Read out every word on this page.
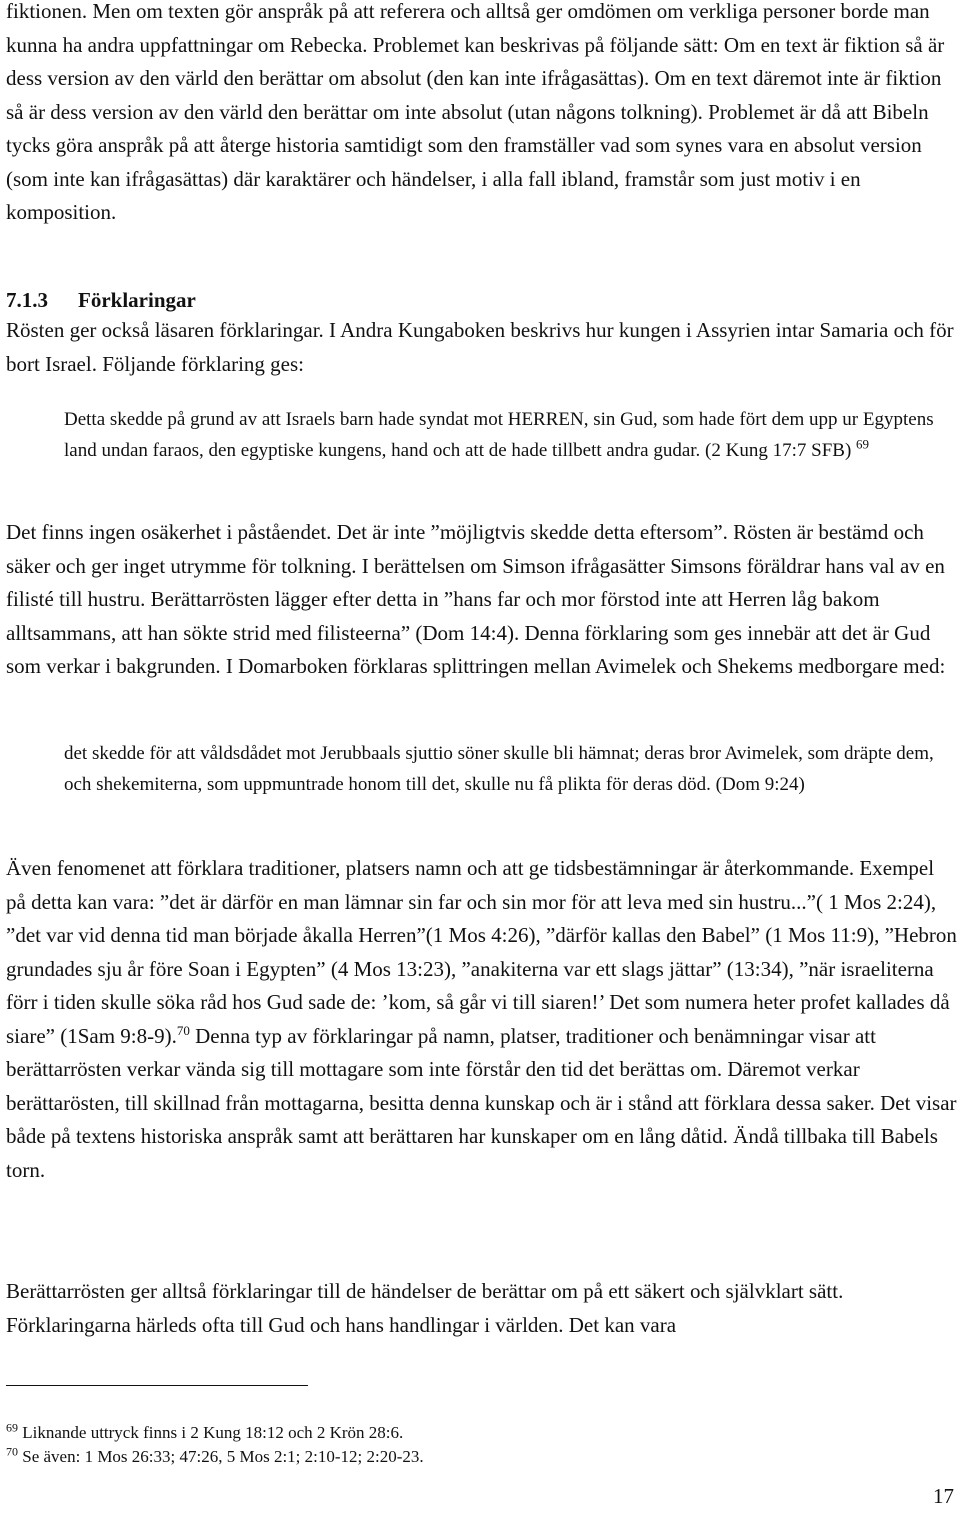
fiktionen. Men om texten gör anspråk på att referera och alltså ger omdömen om verkliga personer borde man kunna ha andra uppfattningar om Rebecka. Problemet kan beskrivas på följande sätt: Om en text är fiktion så är dess version av den värld den berättar om absolut (den kan inte ifrågasättas). Om en text däremot inte är fiktion så är dess version av den värld den berättar om inte absolut (utan någons tolkning). Problemet är då att Bibeln tycks göra anspråk på att återge historia samtidigt som den framställer vad som synes vara en absolut version (som inte kan ifrågasättas) där karaktärer och händelser, i alla fall ibland, framstår som just motiv i en komposition.

7.1.3 Förklaringar

Rösten ger också läsaren förklaringar. I Andra Kungaboken beskrivs hur kungen i Assyrien intar Samaria och för bort Israel. Följande förklaring ges:

Detta skedde på grund av att Israels barn hade syndat mot HERREN, sin Gud, som hade fört dem upp ur Egyptens land undan faraos, den egyptiske kungens, hand och att de hade tillbett andra gudar. (2 Kung 17:7 SFB) $^{69}$

Det finns ingen osäkerhet i påståendet. Det är inte ”möjligtvis skedde detta eftersom”. Rösten är bestämd och säker och ger inget utrymme för tolkning. I berättelsen om Simson ifrågasätter Simsons föräldrar hans val av en filisté till hustru. Berättarrösten lägger efter detta in ”hans far och mor förstod inte att Herren låg bakom alltsammans, att han sökte strid med filisteerna” (Dom 14:4). Denna förklaring som ges innebär att det är Gud som verkar i bakgrunden. I Domarboken förklaras splittringen mellan Avimelek och Shekems medborgare med:

det skedde för att våldsdådet mot Jerubbaals sjuttio söner skulle bli hämnat; deras bror Avimelek, som dräpte dem, och shekemiterna, som uppmuntrade honom till det, skulle nu få plikta för deras död. (Dom 9:24)

Även fenomenet att förklara traditioner, platsers namn och att ge tidsbestämningar är återkommande. Exempel på detta kan vara: ”det är därför en man lämnar sin far och sin mor för att leva med sin hustru...”( 1 Mos 2:24), ”det var vid denna tid man började åkalla Herren”(1 Mos 4:26), ”därför kallas den Babel” (1 Mos 11:9), ”Hebron grundades sju år före Soan i Egypten” (4 Mos 13:23), ”anakiterna var ett slags jättar” (13:34), ”när israeliterna förr i tiden skulle söka råd hos Gud sade de: ’kom, så går vi till siaren!’ Det som numera heter profet kallades då siare” (1Sam 9:8-9).$^{70}$ Denna typ av förklaringar på namn, platser, traditioner och benämningar visar att berättarrösten verkar vända sig till mottagare som inte förstår den tid det berättas om. Däremot verkar berättarösten, till skillnad från mottagarna, besitta denna kunskap och är i stånd att förklara dessa saker. Det visar både på textens historiska anspråk samt att berättaren har kunskaper om en lång dåtid. Ändå tillbaka till Babels torn.

Berättarrösten ger alltså förklaringar till de händelser de berättar om på ett säkert och självklart sätt. Förklaringarna härleds ofta till Gud och hans handlingar i världen. Det kan vara

$^{69}$ Liknande uttryck finns i 2 Kung 18:12 och 2 Krön 28:6.

$^{70}$ Se även: 1 Mos 26:33; 47:26, 5 Mos 2:1; 2:10-12; 2:20-23.

17
